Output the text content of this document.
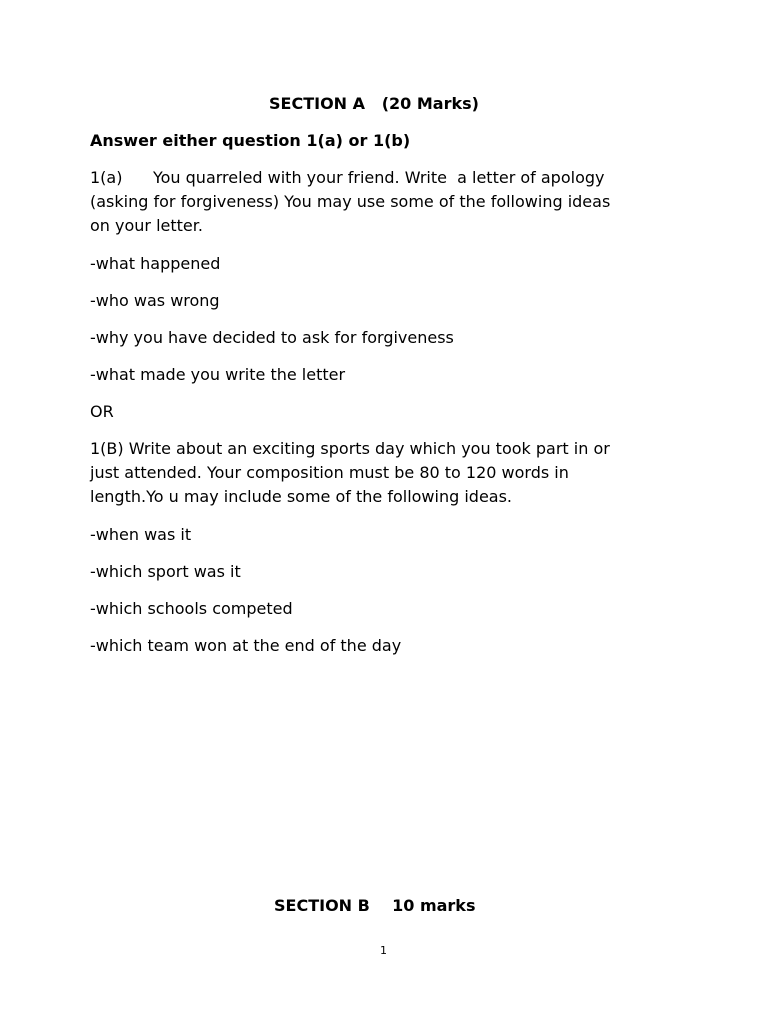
SECTION A   (20 Marks)
Answer either question 1(a) or 1(b)
1(a)      You quarreled with your friend. Write  a letter of apology
(asking for forgiveness) You may use some of the following ideas
on your letter.
-what happened
-who was wrong
-why you have decided to ask for forgiveness
-what made you write the letter
OR
1(B) Write about an exciting sports day which you took part in or
just attended. Your composition must be 80 to 120 words in
length.Yo u may include some of the following ideas.
-when was it
-which sport was it
-which schools competed
-which team won at the end of the day
SECTION B    10 marks
1
